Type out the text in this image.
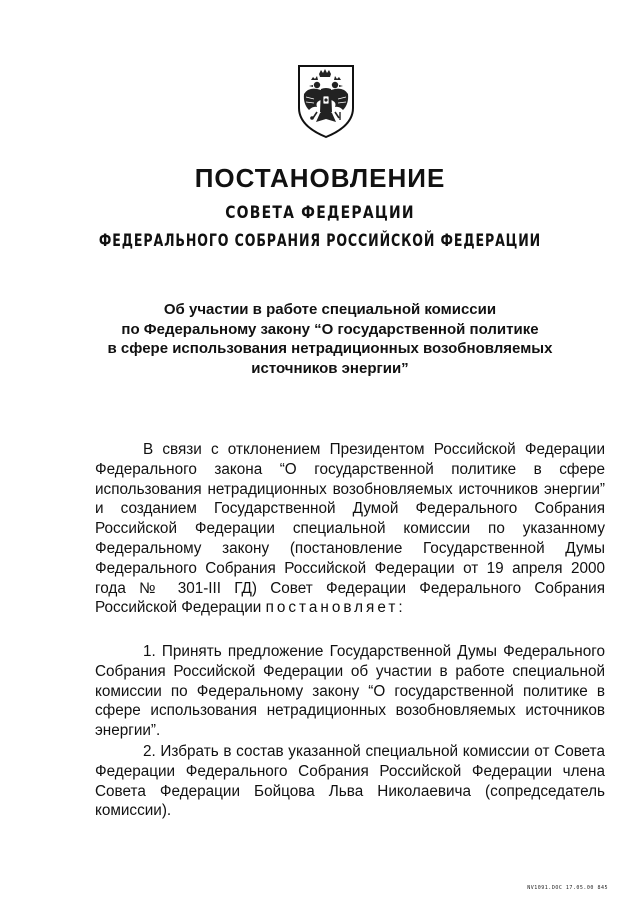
ПОСТАНОВЛЕНИЕ
СОВЕТА ФЕДЕРАЦИИ
ФЕДЕРАЛЬНОГО СОБРАНИЯ РОССИЙСКОЙ ФЕДЕРАЦИИ
Об участии в работе специальной комиссии
по Федеральному закону “О государственной политике
в сфере использования нетрадиционных возобновляемых
источников энергии”
В связи с отклонением Президентом Российской Федерации Федерального закона “О государственной политике в сфере использования нетрадиционных возобновляемых источников энергии” и созданием Государственной Думой Федерального Собрания Российской Федерации специальной комиссии по указанному Федеральному закону (постановление Государственной Думы Федерального Собрания Российской Федерации от 19 апреля 2000 года № 301-III ГД) Совет Федерации Федерального Собрания Российской Федерации постановляет:
1. Принять предложение Государственной Думы Федерального Собрания Российской Федерации об участии в работе специальной комиссии по Федеральному закону “О государственной политике в сфере использования нетрадиционных возобновляемых источников энергии”.
2. Избрать в состав указанной специальной комиссии от Совета Федерации Федерального Собрания Российской Федерации члена Совета Федерации Бойцова Льва Николаевича (сопредседатель комиссии).
NV1091.DOC 17.05.00 845
